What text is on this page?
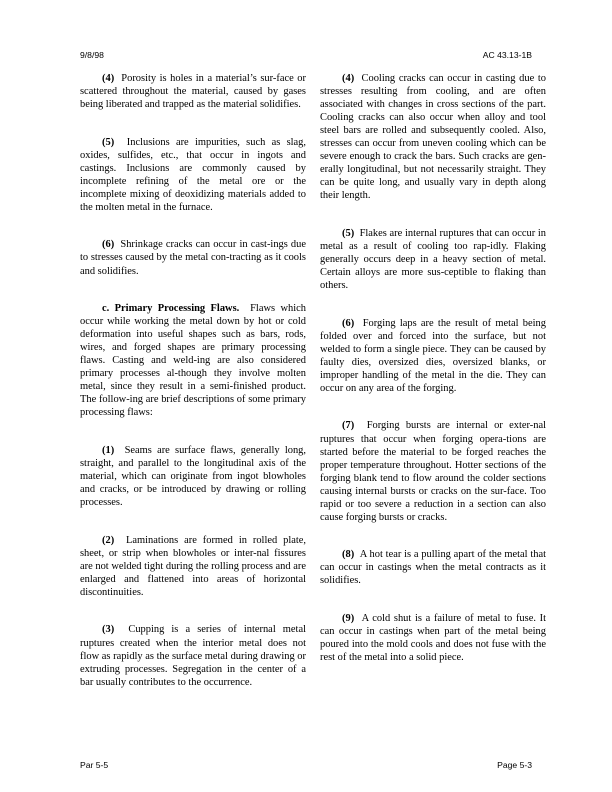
9/8/98	AC 43.13-1B

(4) Porosity is holes in a material’s sur-face or scattered throughout the material, caused by gases being liberated and trapped as the material solidifies.

(5) Inclusions are impurities, such as slag, oxides, sulfides, etc., that occur in ingots and castings. Inclusions are commonly caused by incomplete refining of the metal ore or the incomplete mixing of deoxidizing materials added to the molten metal in the furnace.

(6) Shrinkage cracks can occur in cast-ings due to stresses caused by the metal con-tracting as it cools and solidifies.

c. Primary Processing Flaws. Flaws which occur while working the metal down by hot or cold deformation into useful shapes such as bars, rods, wires, and forged shapes are primary processing flaws. Casting and weld-ing are also considered primary processes al-though they involve molten metal, since they result in a semi-finished product. The follow-ing are brief descriptions of some primary processing flaws:

(1) Seams are surface flaws, generally long, straight, and parallel to the longitudinal axis of the material, which can originate from ingot blowholes and cracks, or be introduced by drawing or rolling processes.

(2) Laminations are formed in rolled plate, sheet, or strip when blowholes or inter-nal fissures are not welded tight during the rolling process and are enlarged and flattened into areas of horizontal discontinuities.

(3) Cupping is a series of internal metal ruptures created when the interior metal does not flow as rapidly as the surface metal during drawing or extruding processes. Segregation in the center of a bar usually contributes to the occurrence.

(4) Cooling cracks can occur in casting due to stresses resulting from cooling, and are often associated with changes in cross sections of the part. Cooling cracks can also occur when alloy and tool steel bars are rolled and subsequently cooled. Also, stresses can occur from uneven cooling which can be severe enough to crack the bars. Such cracks are gen-erally longitudinal, but not necessarily straight. They can be quite long, and usually vary in depth along their length.

(5) Flakes are internal ruptures that can occur in metal as a result of cooling too rap-idly. Flaking generally occurs deep in a heavy section of metal. Certain alloys are more sus-ceptible to flaking than others.

(6) Forging laps are the result of metal being folded over and forced into the surface, but not welded to form a single piece. They can be caused by faulty dies, oversized dies, oversized blanks, or improper handling of the metal in the die. They can occur on any area of the forging.

(7) Forging bursts are internal or exter-nal ruptures that occur when forging opera-tions are started before the material to be forged reaches the proper temperature throughout. Hotter sections of the forging blank tend to flow around the colder sections causing internal bursts or cracks on the sur-face. Too rapid or too severe a reduction in a section can also cause forging bursts or cracks.

(8) A hot tear is a pulling apart of the metal that can occur in castings when the metal contracts as it solidifies.

(9) A cold shut is a failure of metal to fuse. It can occur in castings when part of the metal being poured into the mold cools and does not fuse with the rest of the metal into a solid piece.

Par 5-5	Page 5-3
